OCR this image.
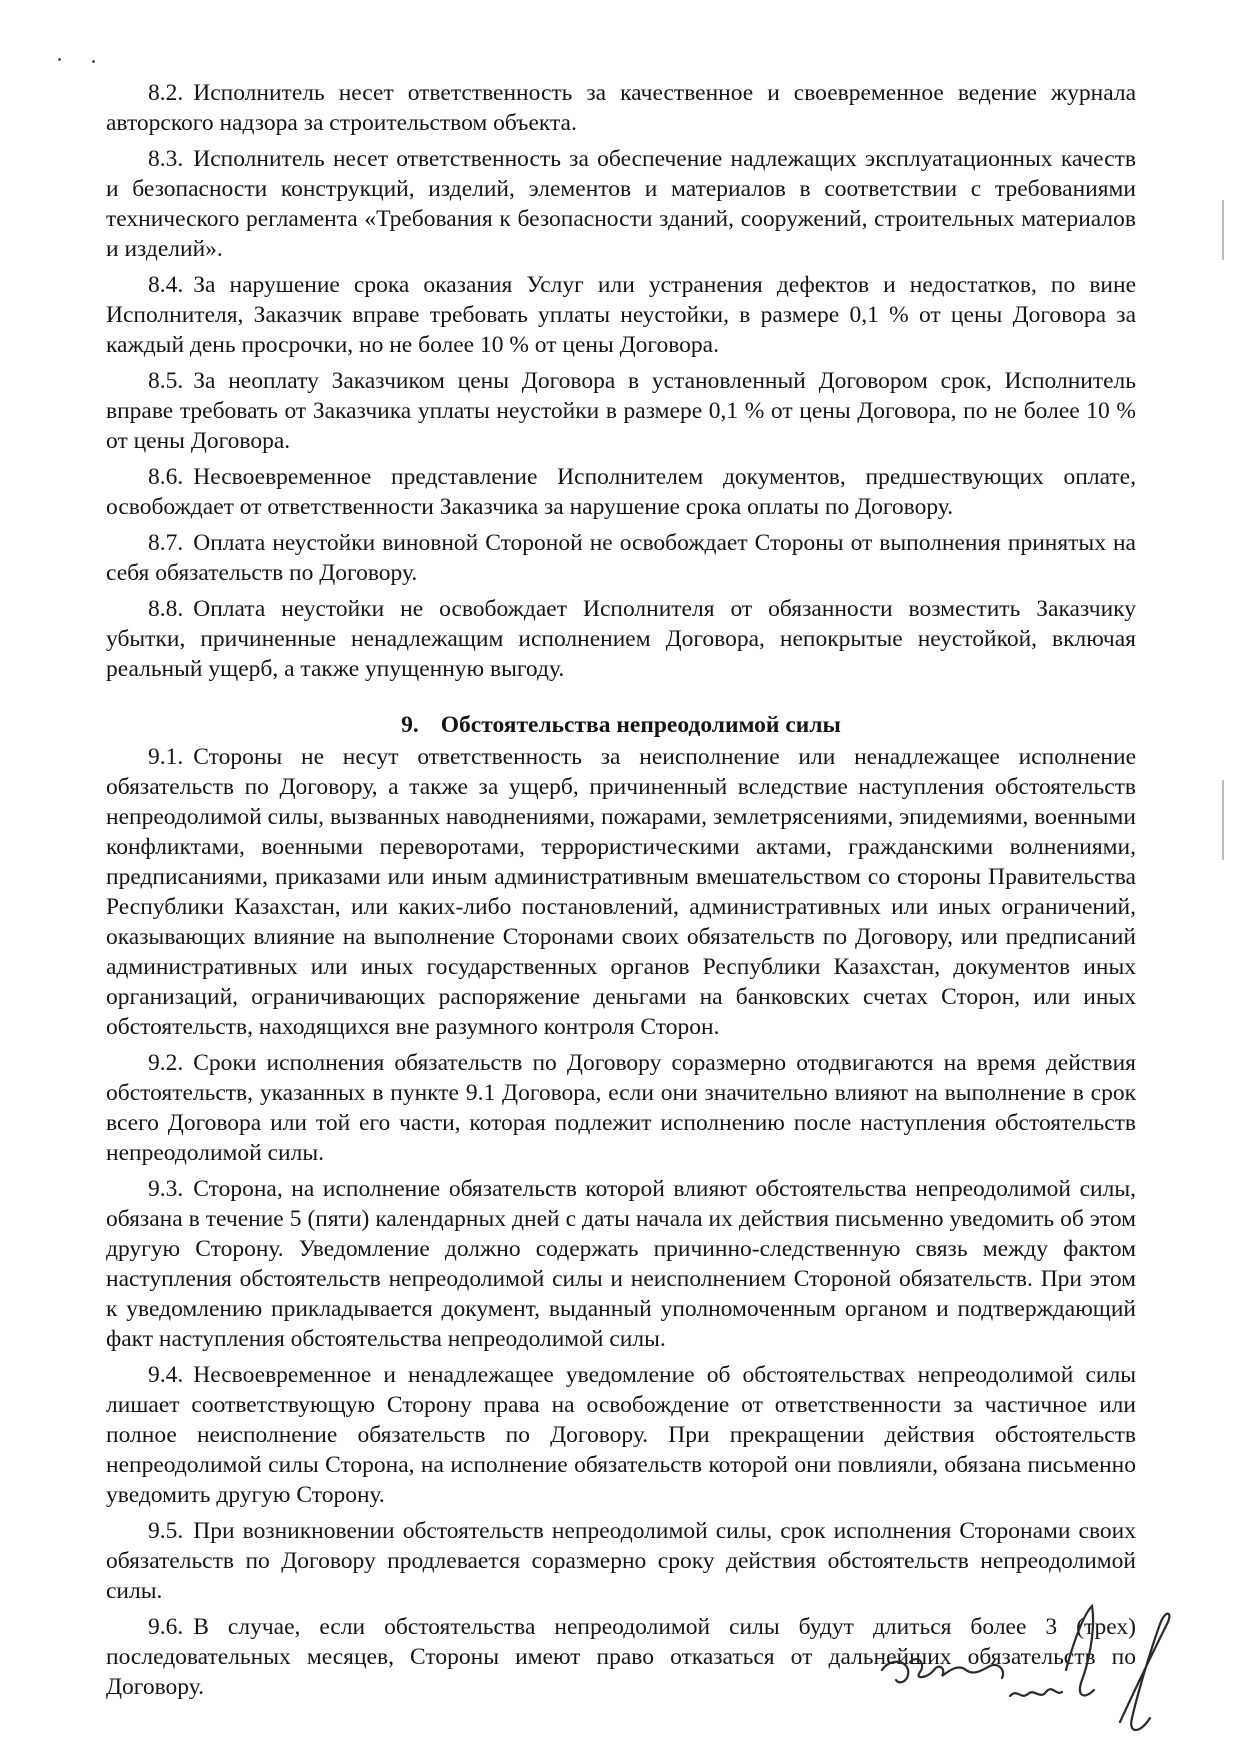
8.2. Исполнитель несет ответственность за качественное и своевременное ведение журнала авторского надзора за строительством объекта.

8.3. Исполнитель несет ответственность за обеспечение надлежащих эксплуатационных качеств и безопасности конструкций, изделий, элементов и материалов в соответствии с требованиями технического регламента «Требования к безопасности зданий, сооружений, строительных материалов и изделий».

8.4. За нарушение срока оказания Услуг или устранения дефектов и недостатков, по вине Исполнителя, Заказчик вправе требовать уплаты неустойки, в размере 0,1 % от цены Договора за каждый день просрочки, но не более 10 % от цены Договора.

8.5. За неоплату Заказчиком цены Договора в установленный Договором срок, Исполнитель вправе требовать от Заказчика уплаты неустойки в размере 0,1 % от цены Договора, по не более 10 % от цены Договора.

8.6. Несвоевременное представление Исполнителем документов, предшествующих оплате, освобождает от ответственности Заказчика за нарушение срока оплаты по Договору.

8.7. Оплата неустойки виновной Стороной не освобождает Стороны от выполнения принятых на себя обязательств по Договору.

8.8. Оплата неустойки не освобождает Исполнителя от обязанности возместить Заказчику убытки, причиненные ненадлежащим исполнением Договора, непокрытые неустойкой, включая реальный ущерб, а также упущенную выгоду.

9. Обстоятельства непреодолимой силы

9.1. Стороны не несут ответственность за неисполнение или ненадлежащее исполнение обязательств по Договору, а также за ущерб, причиненный вследствие наступления обстоятельств непреодолимой силы, вызванных наводнениями, пожарами, землетрясениями, эпидемиями, военными конфликтами, военными переворотами, террористическими актами, гражданскими волнениями, предписаниями, приказами или иным административным вмешательством со стороны Правительства Республики Казахстан, или каких-либо постановлений, административных или иных ограничений, оказывающих влияние на выполнение Сторонами своих обязательств по Договору, или предписаний административных или иных государственных органов Республики Казахстан, документов иных организаций, ограничивающих распоряжение деньгами на банковских счетах Сторон, или иных обстоятельств, находящихся вне разумного контроля Сторон.

9.2. Сроки исполнения обязательств по Договору соразмерно отодвигаются на время действия обстоятельств, указанных в пункте 9.1 Договора, если они значительно влияют на выполнение в срок всего Договора или той его части, которая подлежит исполнению после наступления обстоятельств непреодолимой силы.

9.3. Сторона, на исполнение обязательств которой влияют обстоятельства непреодолимой силы, обязана в течение 5 (пяти) календарных дней с даты начала их действия письменно уведомить об этом другую Сторону. Уведомление должно содержать причинно-следственную связь между фактом наступления обстоятельств непреодолимой силы и неисполнением Стороной обязательств. При этом к уведомлению прикладывается документ, выданный уполномоченным органом и подтверждающий факт наступления обстоятельства непреодолимой силы.

9.4. Несвоевременное и ненадлежащее уведомление об обстоятельствах непреодолимой силы лишает соответствующую Сторону права на освобождение от ответственности за частичное или полное неисполнение обязательств по Договору. При прекращении действия обстоятельств непреодолимой силы Сторона, на исполнение обязательств которой они повлияли, обязана письменно уведомить другую Сторону.

9.5. При возникновении обстоятельств непреодолимой силы, срок исполнения Сторонами своих обязательств по Договору продлевается соразмерно сроку действия обстоятельств непреодолимой силы.

9.6. В случае, если обстоятельства непреодолимой силы будут длиться более 3 (трех) последовательных месяцев, Стороны имеют право отказаться от дальнейших обязательств по Договору.
